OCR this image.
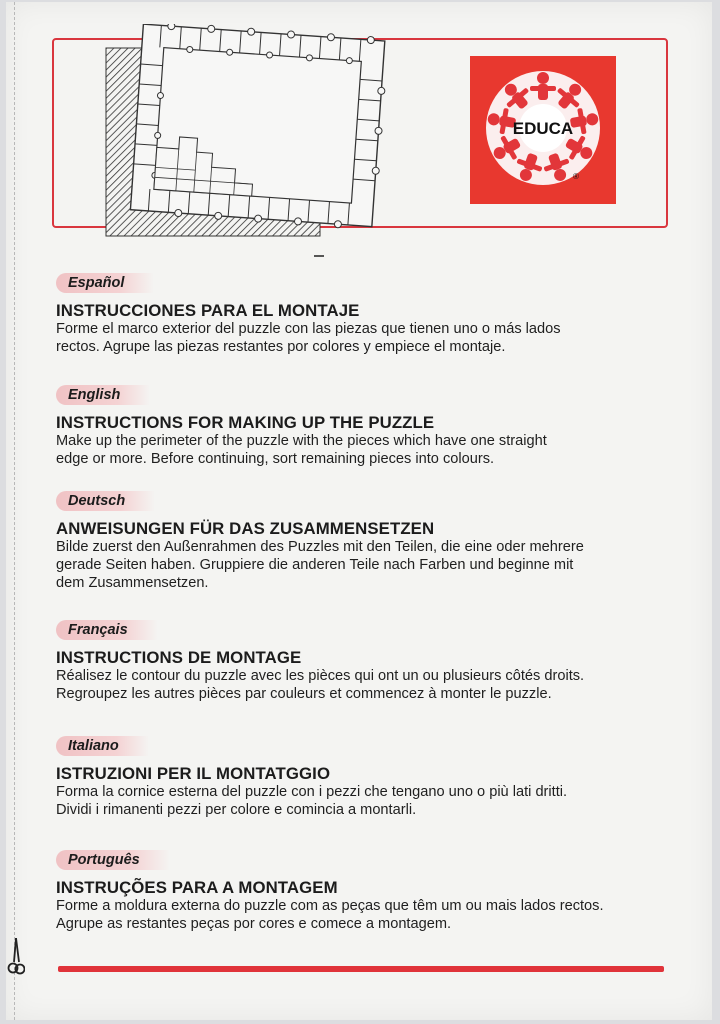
EDUCA
®
Español

INSTRUCCIONES PARA EL MONTAJE

Forme el marco exterior del puzzle con las piezas que tienen uno o más lados

rectos. Agrupe las piezas restantes por colores y empiece el montaje.

English

INSTRUCTIONS FOR MAKING UP THE PUZZLE

Make up the perimeter of the puzzle with the pieces which have one straight

edge or more. Before continuing, sort remaining pieces into colours.

Deutsch

ANWEISUNGEN FÜR DAS ZUSAMMENSETZEN

Bilde zuerst den Außenrahmen des Puzzles mit den Teilen, die eine oder mehrere

gerade Seiten haben. Gruppiere die anderen Teile nach Farben und beginne mit

dem Zusammensetzen.

Français

INSTRUCTIONS DE MONTAGE

Réalisez le contour du puzzle avec les pièces qui ont un ou plusieurs côtés droits.

Regroupez les autres pièces par couleurs et commencez à monter le puzzle.

Italiano

ISTRUZIONI PER IL MONTATGGIO

Forma la cornice esterna del puzzle con i pezzi che tengano uno o più lati dritti.

Dividi i rimanenti pezzi per colore e comincia a montarli.

Português

INSTRUÇÕES PARA A MONTAGEM

Forme a moldura externa do puzzle com as peças que têm um ou mais lados rectos.

Agrupe as restantes peças por cores e comece a montagem.
